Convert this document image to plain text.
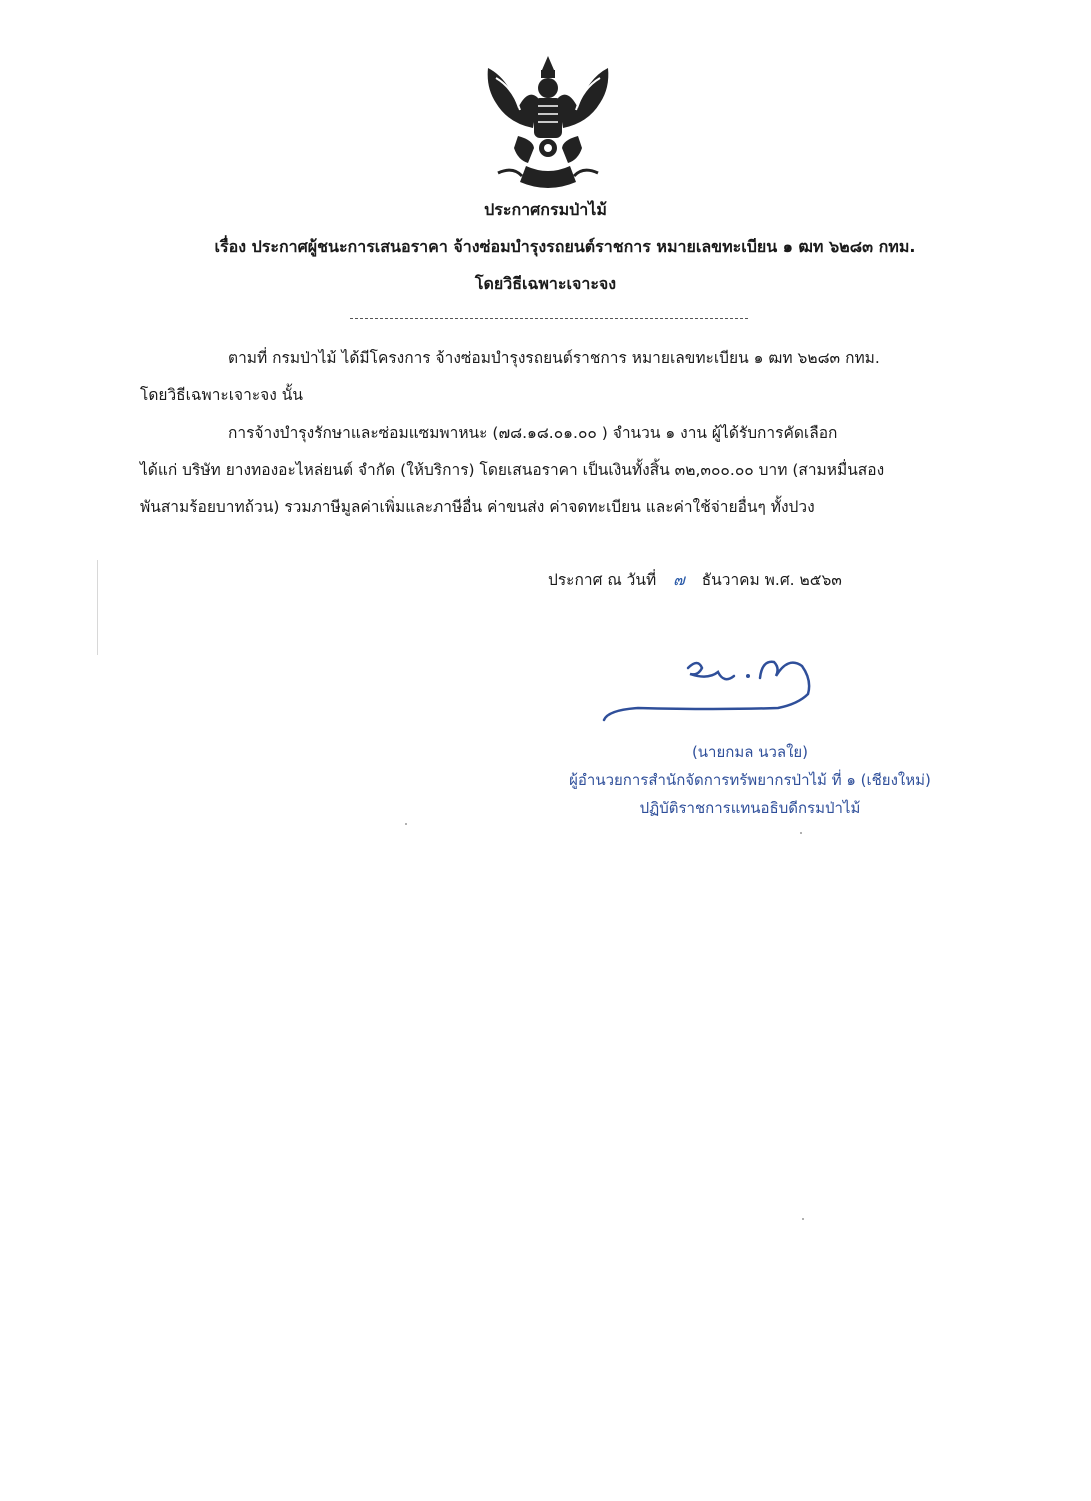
ประกาศกรมป่าไม้
เรื่อง ประกาศผู้ชนะการเสนอราคา จ้างซ่อมบำรุงรถยนต์ราชการ หมายเลขทะเบียน ๑ ฒท ๖๒๘๓ กทม.
โดยวิธีเฉพาะเจาะจง
ตามที่ กรมป่าไม้ ได้มีโครงการ จ้างซ่อมบำรุงรถยนต์ราชการ หมายเลขทะเบียน ๑ ฒท ๖๒๘๓ กทม.
โดยวิธีเฉพาะเจาะจง นั้น
การจ้างบำรุงรักษาและซ่อมแซมพาหนะ (๗๘.๑๘.๐๑.๐๐ ) จำนวน ๑ งาน ผู้ได้รับการคัดเลือก
ได้แก่ บริษัท ยางทองอะไหล่ยนต์ จำกัด (ให้บริการ) โดยเสนอราคา เป็นเงินทั้งสิ้น ๓๒,๓๐๐.๐๐ บาท (สามหมื่นสอง
พันสามร้อยบาทถ้วน) รวมภาษีมูลค่าเพิ่มและภาษีอื่น ค่าขนส่ง ค่าจดทะเบียน และค่าใช้จ่ายอื่นๆ ทั้งปวง
ประกาศ ณ วันที่ ๗ ธันวาคม พ.ศ. ๒๕๖๓
(นายกมล นวลใย)
ผู้อำนวยการสำนักจัดการทรัพยากรป่าไม้ ที่ ๑ (เชียงใหม่)
ปฏิบัติราชการแทนอธิบดีกรมป่าไม้
